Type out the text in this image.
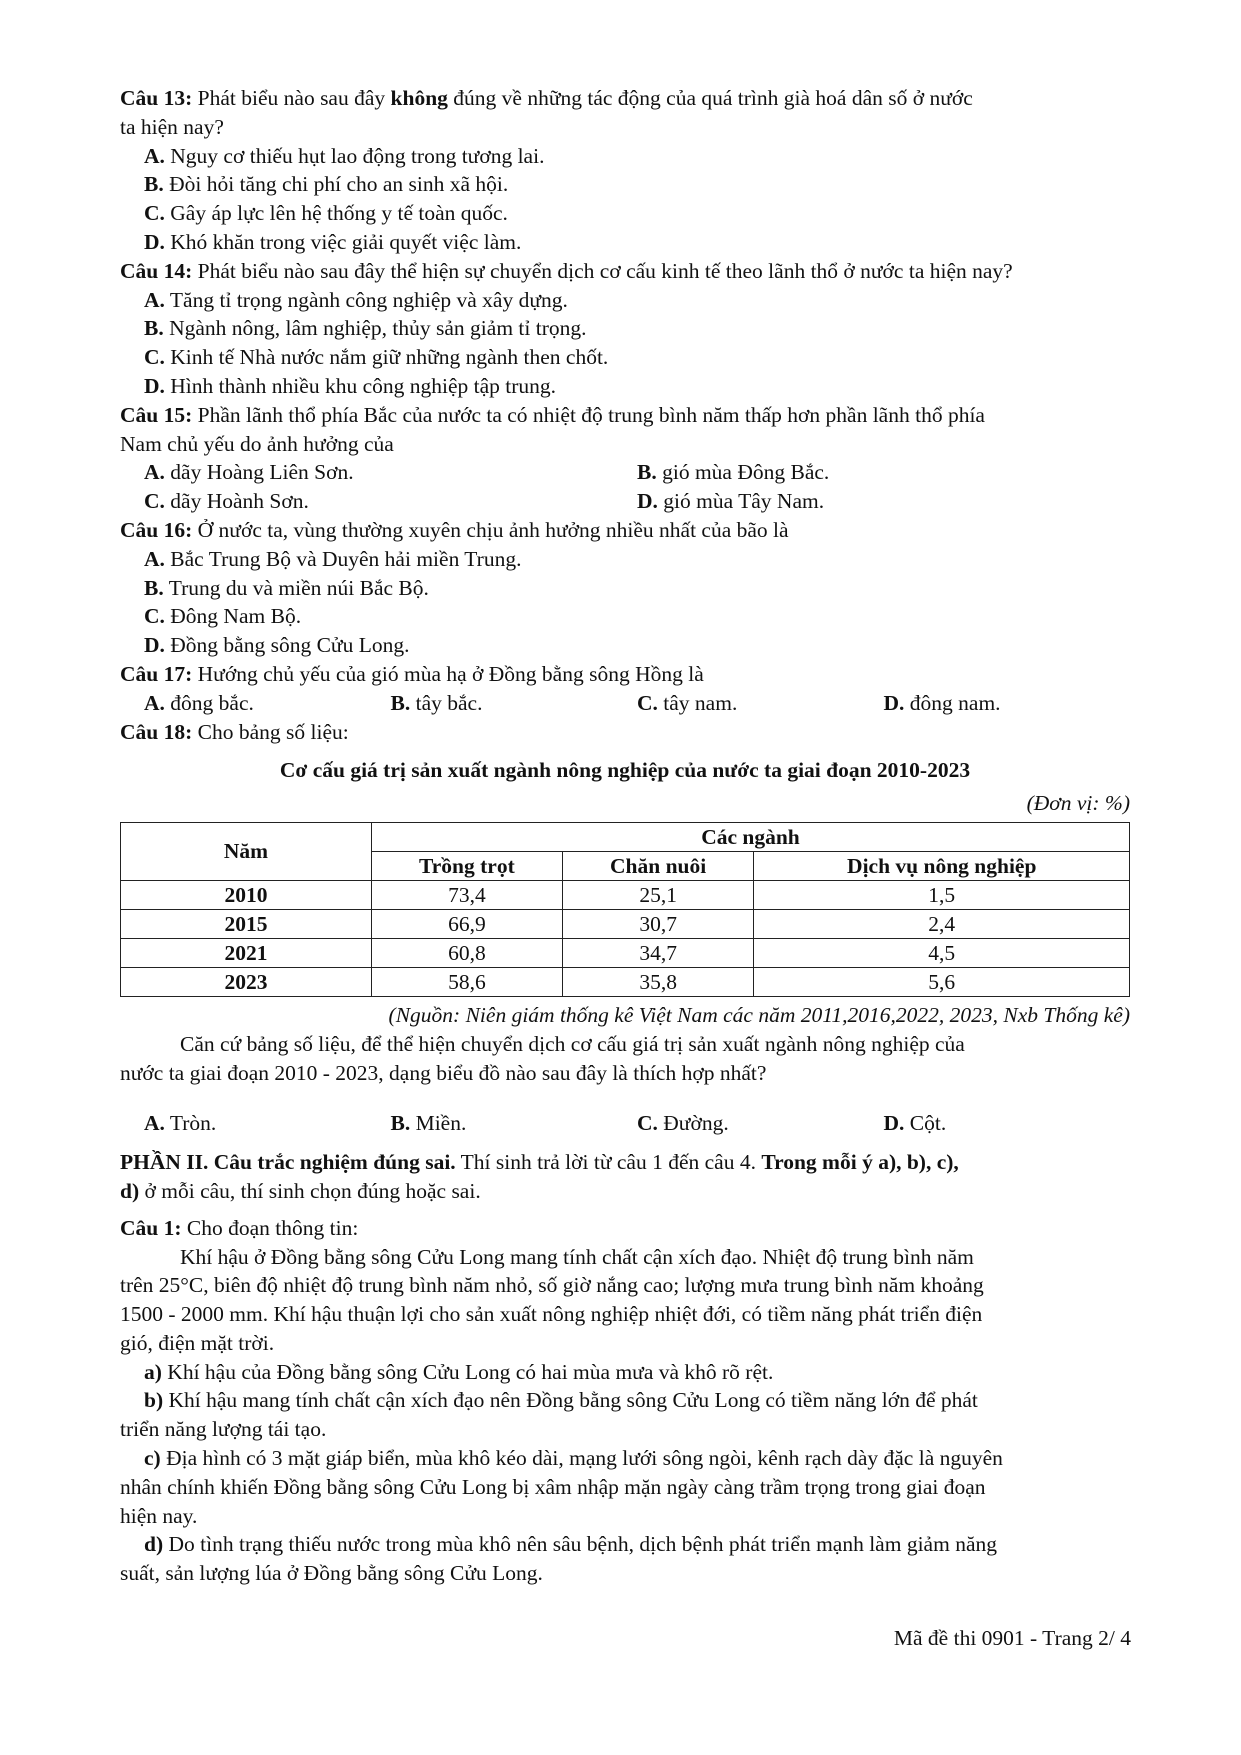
Câu 13: Phát biểu nào sau đây không đúng về những tác động của quá trình già hoá dân số ở nước
ta hiện nay?
A. Nguy cơ thiếu hụt lao động trong tương lai.
B. Đòi hỏi tăng chi phí cho an sinh xã hội.
C. Gây áp lực lên hệ thống y tế toàn quốc.
D. Khó khăn trong việc giải quyết việc làm.
Câu 14: Phát biểu nào sau đây thể hiện sự chuyển dịch cơ cấu kinh tế theo lãnh thổ ở nước ta hiện nay?
A. Tăng tỉ trọng ngành công nghiệp và xây dựng.
B. Ngành nông, lâm nghiệp, thủy sản giảm tỉ trọng.
C. Kinh tế Nhà nước nắm giữ những ngành then chốt.
D. Hình thành nhiều khu công nghiệp tập trung.
Câu 15: Phần lãnh thổ phía Bắc của nước ta có nhiệt độ trung bình năm thấp hơn phần lãnh thổ phía
Nam chủ yếu do ảnh hưởng của
A. dãy Hoàng Liên Sơn.	B. gió mùa Đông Bắc.
C. dãy Hoành Sơn.	D. gió mùa Tây Nam.
Câu 16: Ở nước ta, vùng thường xuyên chịu ảnh hưởng nhiều nhất của bão là
A. Bắc Trung Bộ và Duyên hải miền Trung.
B. Trung du và miền núi Bắc Bộ.
C. Đông Nam Bộ.
D. Đồng bằng sông Cửu Long.
Câu 17: Hướng chủ yếu của gió mùa hạ ở Đồng bằng sông Hồng là
A. đông bắc.	B. tây bắc.	C. tây nam.	D. đông nam.
Câu 18: Cho bảng số liệu:
Cơ cấu giá trị sản xuất ngành nông nghiệp của nước ta giai đoạn 2010-2023
(Đơn vị: %)
Năm	Các ngành		
	Trồng trọt	Chăn nuôi	Dịch vụ nông nghiệp
2010	73,4	25,1	1,5
2015	66,9	30,7	2,4
2021	60,8	34,7	4,5
2023	58,6	35,8	5,6
(Nguồn: Niên giám thống kê Việt Nam các năm 2011,2016,2022, 2023, Nxb Thống kê)
Căn cứ bảng số liệu, để thể hiện chuyển dịch cơ cấu giá trị sản xuất ngành nông nghiệp của
nước ta giai đoạn 2010 - 2023, dạng biểu đồ nào sau đây là thích hợp nhất?
A. Tròn.	B. Miền.	C. Đường.	D. Cột.
PHẦN II. Câu trắc nghiệm đúng sai. Thí sinh trả lời từ câu 1 đến câu 4. Trong mỗi ý a), b), c),
d) ở mỗi câu, thí sinh chọn đúng hoặc sai.
Câu 1: Cho đoạn thông tin:
Khí hậu ở Đồng bằng sông Cửu Long mang tính chất cận xích đạo. Nhiệt độ trung bình năm
trên 25°C, biên độ nhiệt độ trung bình năm nhỏ, số giờ nắng cao; lượng mưa trung bình năm khoảng
1500 - 2000 mm. Khí hậu thuận lợi cho sản xuất nông nghiệp nhiệt đới, có tiềm năng phát triển điện
gió, điện mặt trời.
a) Khí hậu của Đồng bằng sông Cửu Long có hai mùa mưa và khô rõ rệt.
b) Khí hậu mang tính chất cận xích đạo nên Đồng bằng sông Cửu Long có tiềm năng lớn để phát
triển năng lượng tái tạo.
c) Địa hình có 3 mặt giáp biển, mùa khô kéo dài, mạng lưới sông ngòi, kênh rạch dày đặc là nguyên
nhân chính khiến Đồng bằng sông Cửu Long bị xâm nhập mặn ngày càng trầm trọng trong giai đoạn
hiện nay.
d) Do tình trạng thiếu nước trong mùa khô nên sâu bệnh, dịch bệnh phát triển mạnh làm giảm năng
suất, sản lượng lúa ở Đồng bằng sông Cửu Long.
Mã đề thi 0901 - Trang 2/ 4
